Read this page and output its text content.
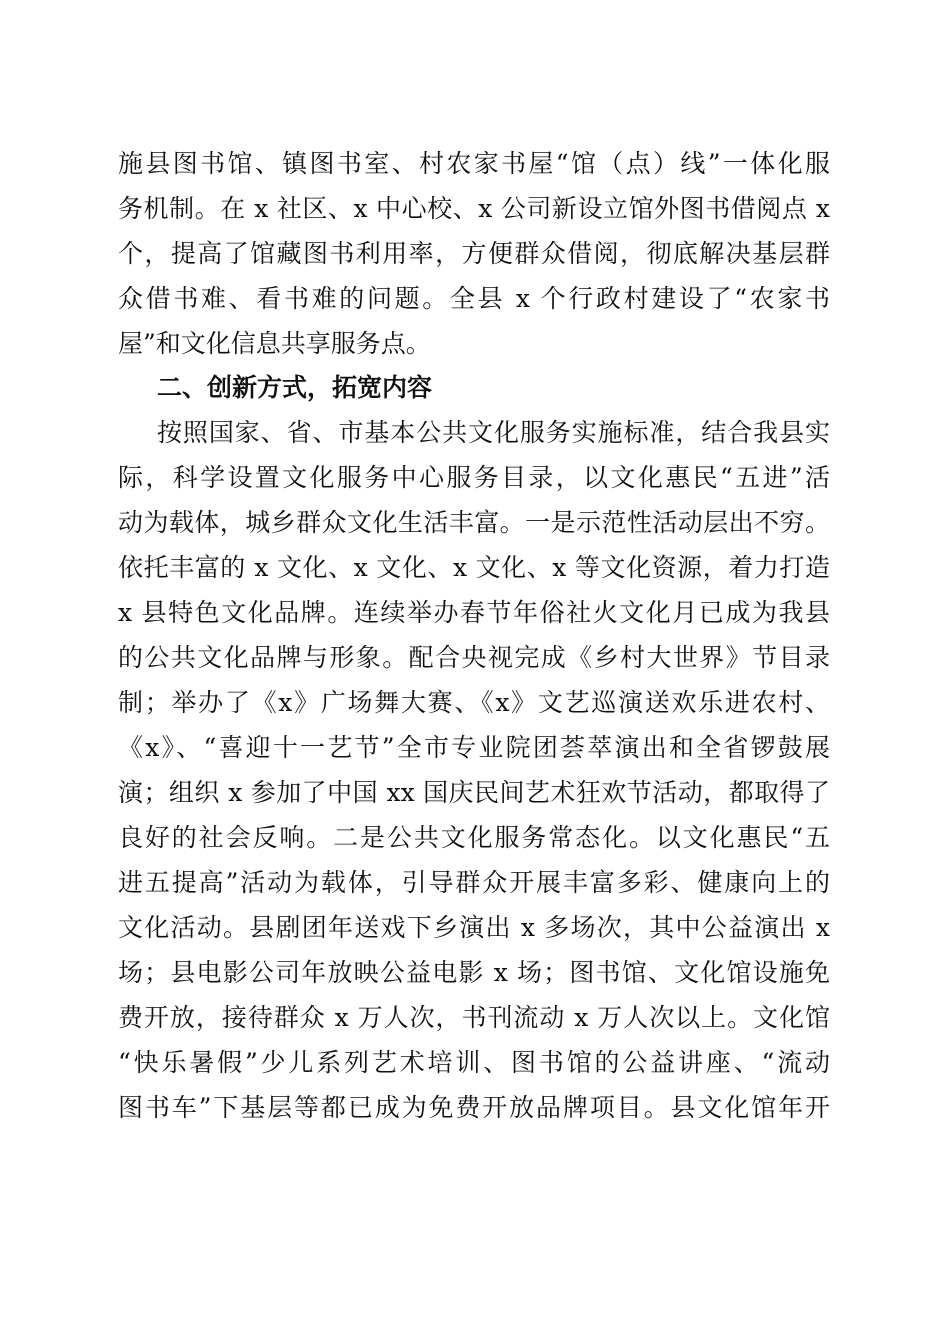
施县图书馆、镇图书室、村农家书屋“馆（点）线”一体化服
务机制。在 x 社区、x 中心校、x 公司新设立馆外图书借阅点 x
个，提高了馆藏图书利用率，方便群众借阅，彻底解决基层群
众借书难、看书难的问题。全县 x 个行政村建设了“农家书
屋”和文化信息共享服务点。
二、创新方式，拓宽内容
按照国家、省、市基本公共文化服务实施标准，结合我县实
际，科学设置文化服务中心服务目录，以文化惠民“五进”活
动为载体，城乡群众文化生活丰富。一是示范性活动层出不穷。
依托丰富的 x 文化、x 文化、x 文化、x 等文化资源，着力打造
x 县特色文化品牌。连续举办春节年俗社火文化月已成为我县
的公共文化品牌与形象。配合央视完成《乡村大世界》节目录
制；举办了《x》广场舞大赛、《x》文艺巡演送欢乐进农村、
《x》、“喜迎十一艺节”全市专业院团荟萃演出和全省锣鼓展
演；组织 x 参加了中国 xx 国庆民间艺术狂欢节活动，都取得了
良好的社会反响。二是公共文化服务常态化。以文化惠民“五
进五提高”活动为载体，引导群众开展丰富多彩、健康向上的
文化活动。县剧团年送戏下乡演出 x 多场次，其中公益演出 x
场；县电影公司年放映公益电影 x 场；图书馆、文化馆设施免
费开放，接待群众 x 万人次，书刊流动 x 万人次以上。文化馆
“快乐暑假”少儿系列艺术培训、图书馆的公益讲座、“流动
图书车”下基层等都已成为免费开放品牌项目。县文化馆年开
